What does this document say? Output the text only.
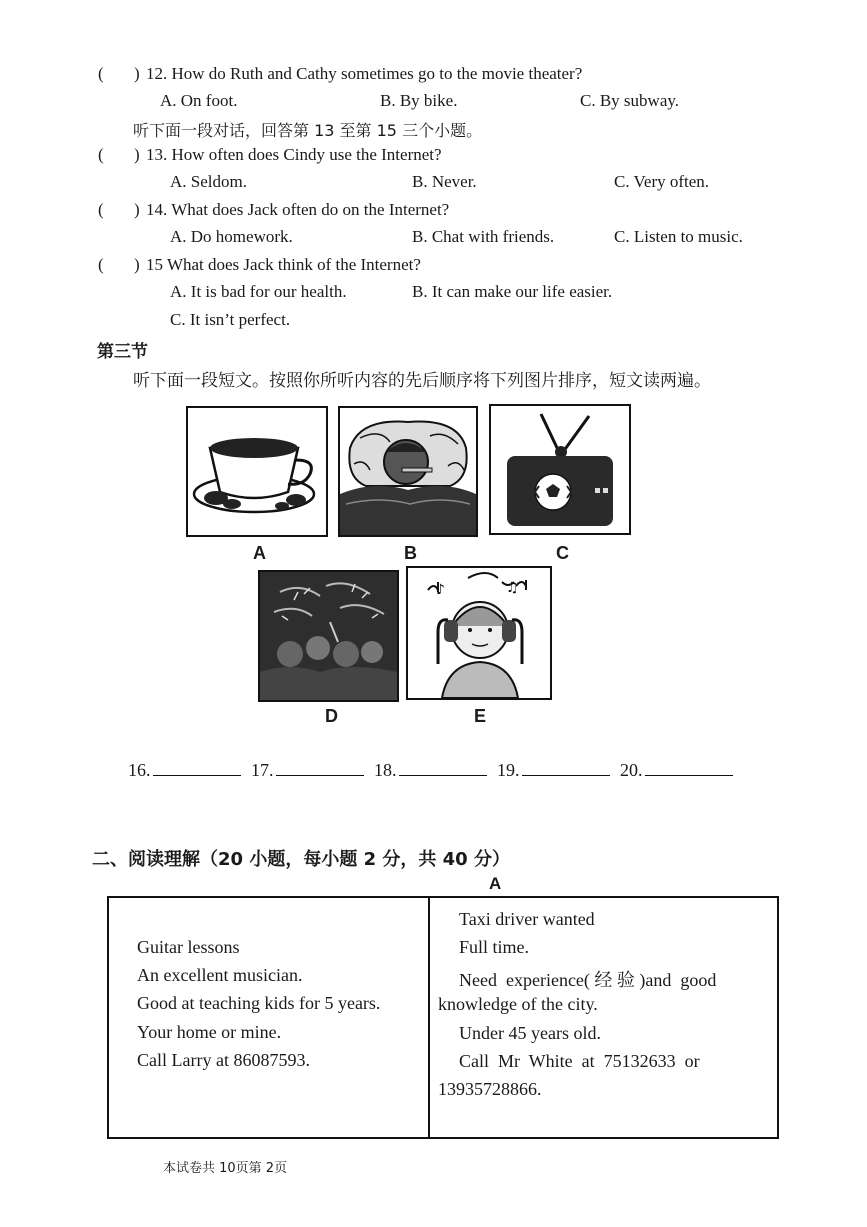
( ) 12. How do Ruth and Cathy sometimes go to the movie theater?
A. On foot.	B. By bike.	C. By subway.
听下面一段对话，回答第 13 至第 15 三个小题。
( ) 13. How often does Cindy use the Internet?
A. Seldom.	B. Never.	C. Very often.
( ) 14. What does Jack often do on the Internet?
A. Do homework.	B. Chat with friends.	C. Listen to music.
( ) 15 What does Jack think of the Internet?
A. It is bad for our health.	B. It can make our life easier.
C. It isn’t perfect.
第三节
听下面一段短文。按照你所听内容的先后顺序将下列图片排序，短文读两遍。
A	B	C
D
♪	♫
E
16.	17.	18.	19.	20.
二、阅读理解（20 小题，每小题 2 分，共 40 分）
A
Guitar lessons
An excellent musician.
Good at teaching kids for 5 years.
Your home or mine.
Call Larry at 86087593.
Taxi driver wanted
Full time.
Need  experience( 经 验 )and  good
knowledge of the city.
Under 45 years old.
Call  Mr  White  at  75132633  or
13935728866.
本试卷共 10页第 2页
